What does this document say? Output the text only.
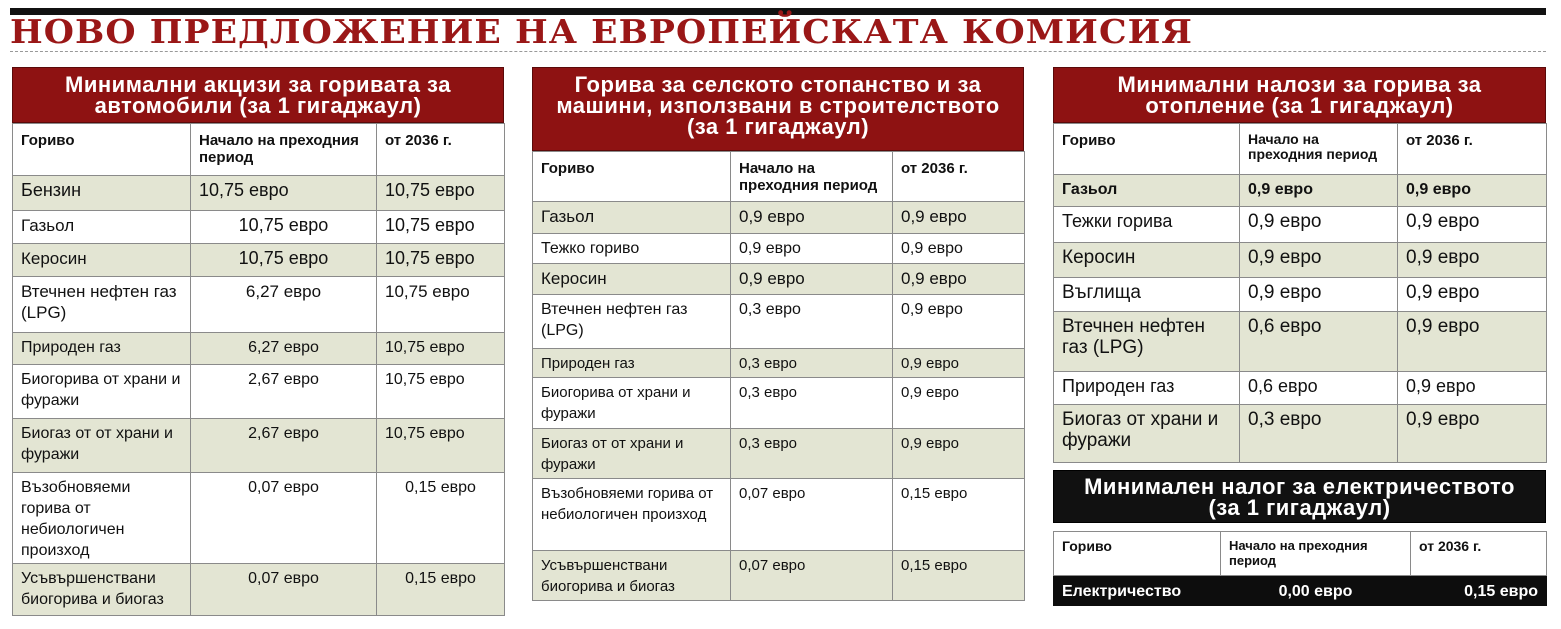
НОВО ПРЕДЛОЖЕНИЕ НА ЕВРОПЕЙСКАТА КОМИСИЯ
Минимални акцизи за горивата за автомобили (за 1 гигаджаул)
Гориво	Начало на преходния период	от 2036 г.
Бензин	10,75 евро	10,75 евро
Газьол	10,75 евро	10,75 евро
Керосин	10,75 евро	10,75 евро
Втечнен нефтен газ (LPG)	6,27 евро	10,75 евро
Природен газ	6,27 евро	10,75 евро
Биогорива от храни и фуражи	2,67 евро	10,75 евро
Биогаз от от храни и фуражи	2,67 евро	10,75 евро
Възобновяеми горива от небиологичен произход	0,07 евро	0,15 евро
Усъвършенствани биогорива и биогаз	0,07 евро	0,15 евро
Горива за селското стопанство и за машини, използвани в строителството (за 1 гигаджаул)
Гориво	Начало на преходния период	от 2036 г.
Газьол	0,9 евро	0,9 евро
Тежко гориво	0,9 евро	0,9 евро
Керосин	0,9 евро	0,9 евро
Втечнен нефтен газ (LPG)	0,3 евро	0,9 евро
Природен газ	0,3 евро	0,9 евро
Биогорива от храни и фуражи	0,3 евро	0,9 евро
Биогаз от от храни и фуражи	0,3 евро	0,9 евро
Възобновяеми горива от небиологичен произход	0,07 евро	0,15 евро
Усъвършенствани биогорива и биогаз	0,07 евро	0,15 евро
Минимални налози за горива за отопление (за 1 гигаджаул)
Гориво	Начало на преходния период	от 2036 г.
Газьол	0,9 евро	0,9 евро
Тежки горива	0,9 евро	0,9 евро
Керосин	0,9 евро	0,9 евро
Въглища	0,9 евро	0,9 евро
Втечнен нефтен газ (LPG)	0,6 евро	0,9 евро
Природен газ	0,6 евро	0,9 евро
Биогаз от храни и фуражи	0,3 евро	0,9 евро
Минимален налог за електричеството (за 1 гигаджаул)
Гориво	Начало на преходния период	от 2036 г.
Електричество	0,00 евро	0,15 евро
